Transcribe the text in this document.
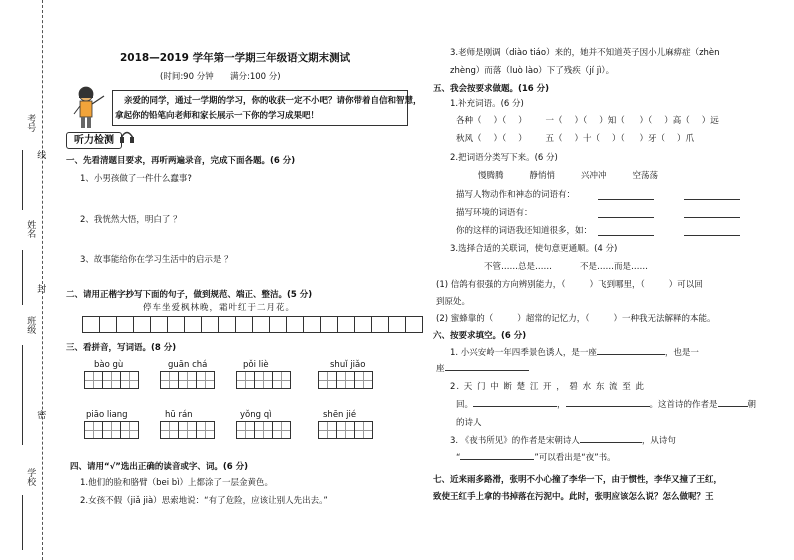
考号
姓名
班级
学校
线
封
密
2018—2019 学年第一学期三年级语文期末测试
(时间:90 分钟 满分:100 分)
亲爱的同学，通过一学期的学习，你的收获一定不小吧？请你带着自信和智慧，
拿起你的铅笔向老师和家长展示一下你的学习成果吧！
听力检测
一、先看清题目要求，再听两遍录音，完成下面各题。(6 分)
1、小男孩做了一件什么蠢事?
2、我恍然大悟，明白了 ？
3、故事能给你在学习生活中的启示是 ？
二、请用正楷字抄写下面的句子，做到规范、端正、整洁。(5 分)
停车坐爱枫林晚，霜叶红于二月花。
三、看拼音，写词语。(8 分)
bào gù	guān chá	pǒi liè	shuǐ jiǎo
piāo liang	hū rán	yǒng qì	shēn jié
四、请用“√”选出正确的读音或字、词。(6 分)
1.他们的脸和胳臂（bei bì）上都涂了一层金黄色。
2.女孩不假（jiǎ jià）思索地说：“有了危险，应该让别人先出去。”
3.老师是刚调（diào tiáo）来的，她并不知道英子因小儿麻痹症（zhèn
zhèng）而落（luò lào）下了残疾（jí jì）。
五、我会按要求做题。(16 分)
1.补充词语。(6 分)
各种（ ）（ ） 一（ ）（ ）知（ ）（ ）高（ ）远
秋风（ ）（ ） 五（ ）十（ ）（ ）牙（ ）爪
2.把词语分类写下来。(6 分)
慢腾腾	静悄悄	兴冲冲	空荡荡
描写人物动作和神态的词语有：
描写环境的词语有：
你的这样的词语我还知道很多，如：
3.选择合适的关联词，使句意更通顺。(4 分)
不管……总是……	不是……而是……
(1) 信鸽有很强的方向辨别能力，（	）飞到哪里，（	）可以回
到原处。
(2) 蜜蜂靠的（	）超常的记忆力，（	）一种我无法解释的本能。
六、按要求填空。(6 分)
1. 小兴安岭一年四季景色诱人，是一座	，也是一
座
2. 天 门 中 断 楚 江 开 ， 碧 水 东 流 至 此
回。	，	。这首诗的作者是	朝
的诗人
3. 《夜书所见》的作者是宋朝诗人	，从诗句
“	”可以看出是“夜”书。
七、近来雨多路滑，张明不小心撞了李华一下，由于惯性，李华又撞了王红，
致使王红手上拿的书掉落在污泥中。此时，张明应该怎么说？怎么做呢？王
